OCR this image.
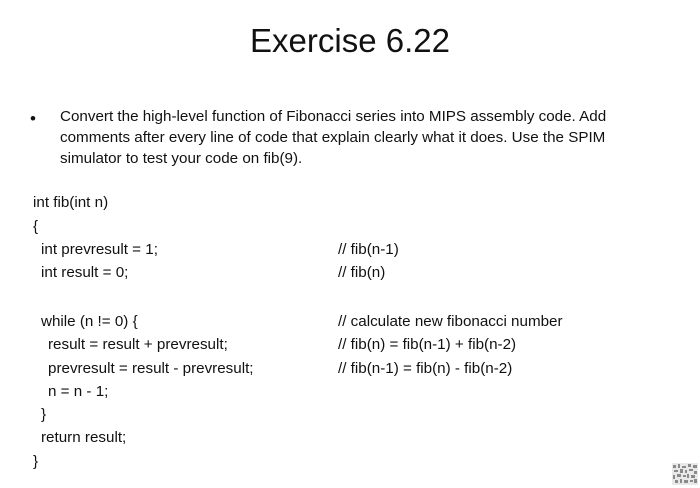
Exercise 6.22
• Convert the high-level function of Fibonacci series into MIPS assembly code. Add comments after every line of code that explain clearly what it does. Use the SPIM simulator to test your code on fib(9).
int fib(int n)
{
int prevresult = 1;
int result = 0;
while (n != 0) {
result = result + prevresult;
prevresult = result - prevresult;
n = n - 1;
}
return result;
}
// fib(n-1)
// fib(n)
// calculate new fibonacci number
// fib(n) = fib(n-1) + fib(n-2)
// fib(n-1) = fib(n) - fib(n-2)
